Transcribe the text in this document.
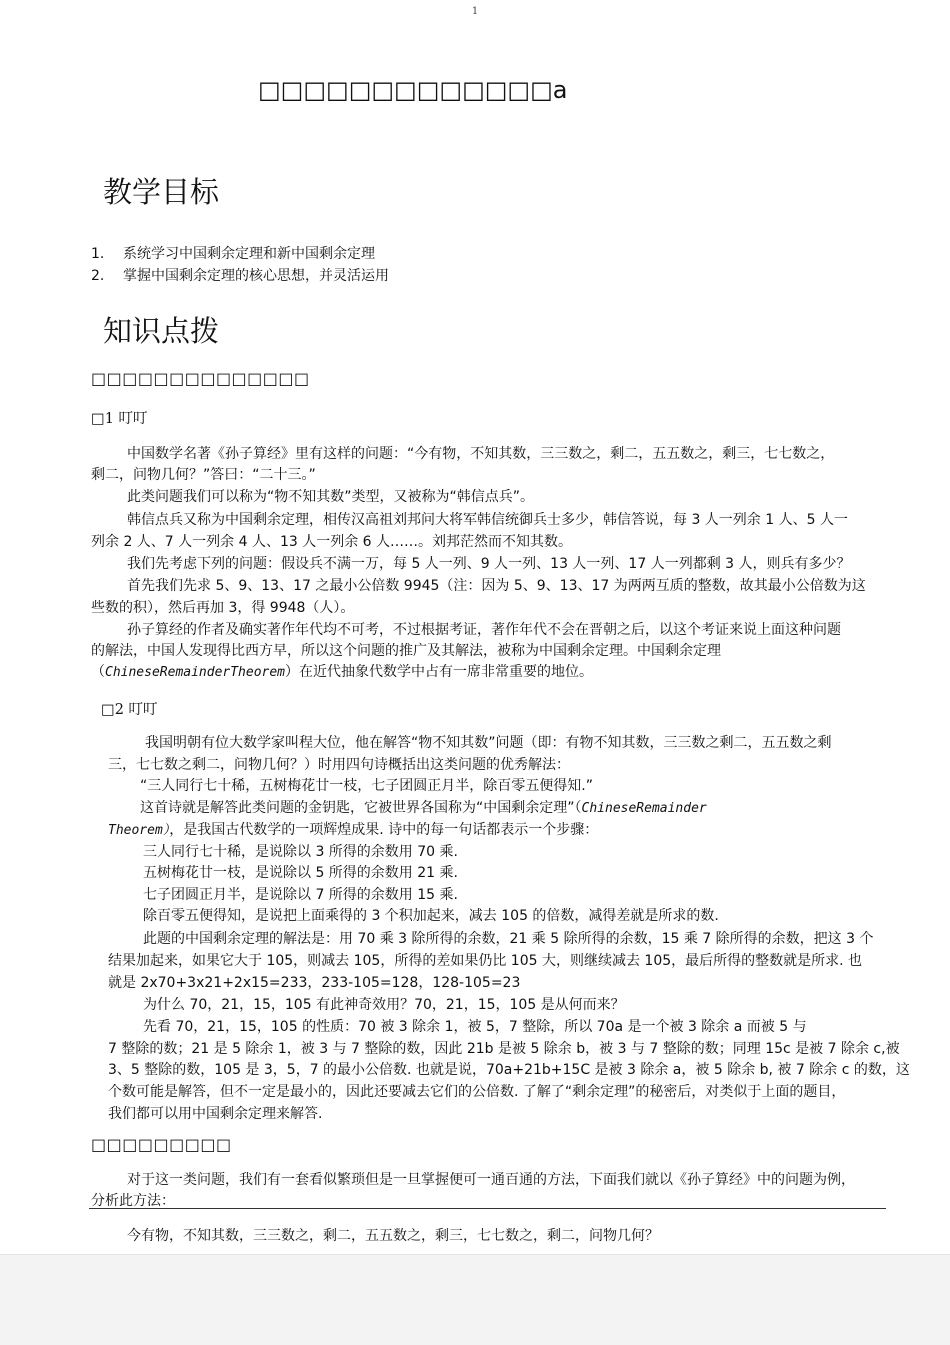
1
□□□□□□□□□□□□□a
教学目标
1. 系统学习中国剩余定理和新中国剩余定理
2. 掌握中国剩余定理的核心思想，并灵活运用
知识点拨
□□□□□□□□□□□□□□
□1 叮叮
中国数学名著《孙子算经》里有这样的问题：“今有物，不知其数，三三数之，剩二，五五数之，剩三，七七数之，
剩二，问物几何？”答曰：“二十三。”
此类问题我们可以称为“物不知其数”类型，又被称为“韩信点兵”。
韩信点兵又称为中国剩余定理，相传汉高祖刘邦问大将军韩信统御兵士多少，韩信答说，每 3 人一列余 1 人、5 人一
列余 2 人、7 人一列余 4 人、13 人一列余 6 人……。刘邦茫然而不知其数。
我们先考虑下列的问题：假设兵不满一万，每 5 人一列、9 人一列、13 人一列、17 人一列都剩 3 人，则兵有多少？
首先我们先求 5、9、13、17 之最小公倍数 9945（注：因为 5、9、13、17 为两两互质的整数，故其最小公倍数为这
些数的积），然后再加 3，得 9948（人）。
孙子算经的作者及确实著作年代均不可考，不过根据考证，著作年代不会在晋朝之后，以这个考证来说上面这种问题
的解法，中国人发现得比西方早，所以这个问题的推广及其解法，被称为中国剩余定理。中国剩余定理
（ChineseRemainderTheorem）在近代抽象代数学中占有一席非常重要的地位。
□2 叮叮
我国明朝有位大数学家叫程大位，他在解答“物不知其数”问题（即：有物不知其数，三三数之剩二，五五数之剩
三，七七数之剩二，问物几何？）时用四句诗概括出这类问题的优秀解法：
“三人同行七十稀，五树梅花廿一枝，七子团圆正月半，除百零五便得知.”
这首诗就是解答此类问题的金钥匙，它被世界各国称为“中国剩余定理”（ChineseRemainder
Theorem），是我国古代数学的一项辉煌成果. 诗中的每一句话都表示一个步骤：
三人同行七十稀，是说除以 3 所得的余数用 70 乘.
五树梅花廿一枝，是说除以 5 所得的余数用 21 乘.
七子团圆正月半，是说除以 7 所得的余数用 15 乘.
除百零五便得知，是说把上面乘得的 3 个积加起来，减去 105 的倍数，减得差就是所求的数.
此题的中国剩余定理的解法是：用 70 乘 3 除所得的余数，21 乘 5 除所得的余数，15 乘 7 除所得的余数，把这 3 个
结果加起来，如果它大于 105，则减去 105，所得的差如果仍比 105 大，则继续减去 105，最后所得的整数就是所求. 也
就是 2x70+3x21+2x15=233，233-105=128，128-105=23
为什么 70，21，15，105 有此神奇效用？70，21，15，105 是从何而来？
先看 70，21，15，105 的性质：70 被 3 除余 1，被 5，7 整除，所以 70a 是一个被 3 除余 a 而被 5 与
7 整除的数；21 是 5 除余 1，被 3 与 7 整除的数，因此 21b 是被 5 除余 b，被 3 与 7 整除的数；同理 15c 是被 7 除余 c,被
3、5 整除的数，105 是 3，5，7 的最小公倍数. 也就是说，70a+21b+15C 是被 3 除余 a，被 5 除余 b, 被 7 除余 c 的数，这
个数可能是解答，但不一定是最小的，因此还要减去它们的公倍数. 了解了“剩余定理”的秘密后，对类似于上面的题目，
我们都可以用中国剩余定理来解答.
□□□□□□□□□
对于这一类问题，我们有一套看似繁琐但是一旦掌握便可一通百通的方法，下面我们就以《孙子算经》中的问题为例，
分析此方法：
今有物，不知其数，三三数之，剩二，五五数之，剩三，七七数之，剩二，问物几何？
